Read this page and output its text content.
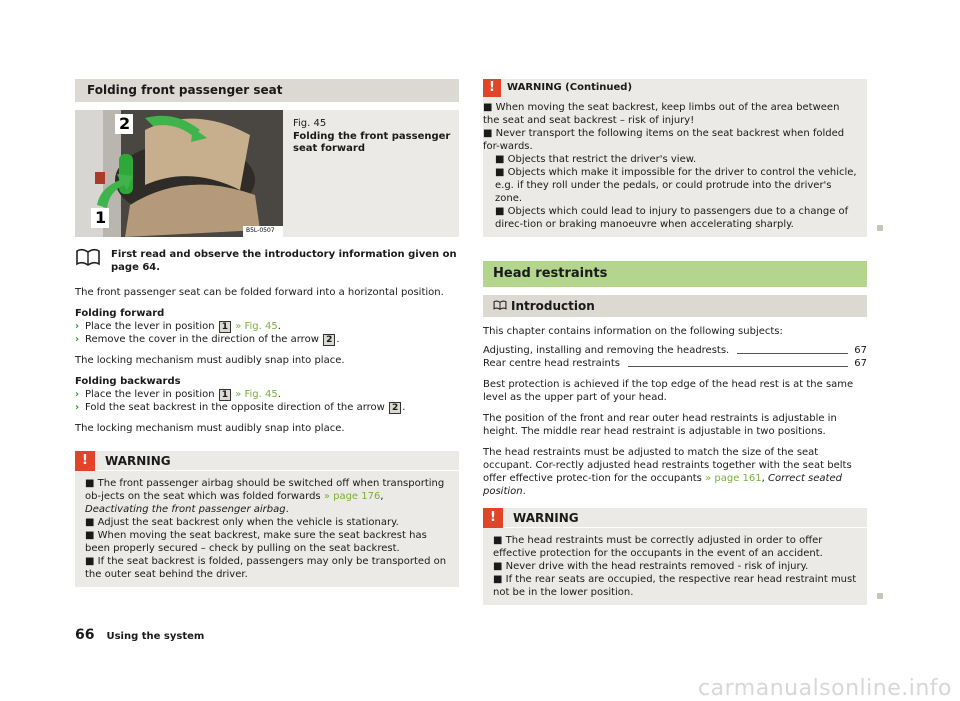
Folding front passenger seat
2
1
B5L-0507
Fig. 45
Folding the front passenger seat forward
First read and observe the introductory information given on page 64.

The front passenger seat can be folded forward into a horizontal position.

Folding forward
› Place the lever in position 1 » Fig. 45.
› Remove the cover in the direction of the arrow 2 .

The locking mechanism must audibly snap into place.

Folding backwards
› Place the lever in position 1 » Fig. 45.
› Fold the seat backrest in the opposite direction of the arrow 2 .

The locking mechanism must audibly snap into place.

!	WARNING
■ The front passenger airbag should be switched off when transporting ob-jects on the seat which was folded forwards » page 176, Deactivating the front passenger airbag.
■ Adjust the seat backrest only when the vehicle is stationary.
■ When moving the seat backrest, make sure the seat backrest has been properly secured – check by pulling on the seat backrest.
■ If the seat backrest is folded, passengers may only be transported on the outer seat behind the driver.
!	WARNING (Continued)
■ When moving the seat backrest, keep limbs out of the area between the seat and seat backrest – risk of injury!
■ Never transport the following items on the seat backrest when folded for-wards.
■ Objects that restrict the driver's view.
■ Objects which make it impossible for the driver to control the vehicle, e.g. if they roll under the pedals, or could protrude into the driver's zone.
■ Objects which could lead to injury to passengers due to a change of direc-tion or braking manoeuvre when accelerating sharply.
Head restraints
Introduction

This chapter contains information on the following subjects:

Adjusting, installing and removing the headrests.	67
Rear centre head restraints	67

Best protection is achieved if the top edge of the head rest is at the same level as the upper part of your head.

The position of the front and rear outer head restraints is adjustable in height. The middle rear head restraint is adjustable in two positions.

The head restraints must be adjusted to match the size of the seat occupant. Cor-rectly adjusted head restraints together with the seat belts offer effective protec-tion for the occupants » page 161, Correct seated position.

!	WARNING
■ The head restraints must be correctly adjusted in order to offer effective protection for the occupants in the event of an accident.
■ Never drive with the head restraints removed - risk of injury.
■ If the rear seats are occupied, the respective rear head restraint must not be in the lower position.
66 Using the system
carmanualsonline.info
